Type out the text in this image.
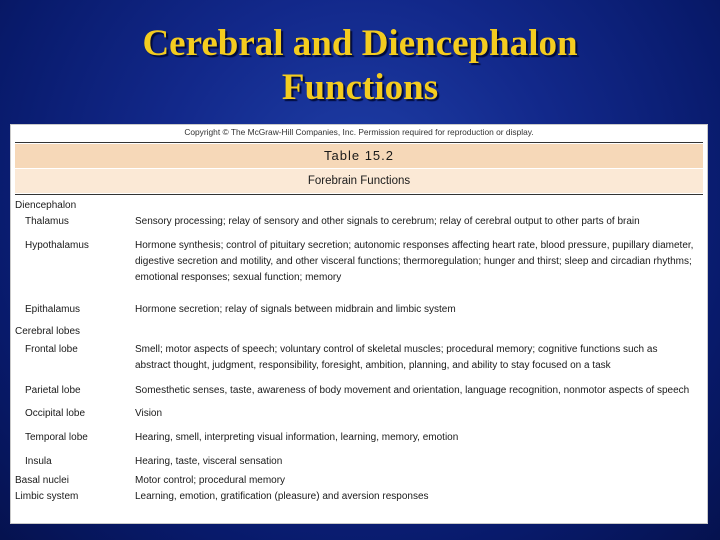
Cerebral and Diencephalon
Functions
Copyright © The McGraw-Hill Companies, Inc. Permission required for reproduction or display.
Table 15.2
Forebrain Functions
Diencephalon
Thalamus	Sensory processing; relay of sensory and other signals to cerebrum; relay of cerebral output to other parts of brain
Hypothalamus	Hormone synthesis; control of pituitary secretion; autonomic responses affecting heart rate, blood pressure, pupillary diameter, digestive secretion and motility, and other visceral functions; thermoregulation; hunger and thirst; sleep and circadian rhythms; emotional responses; sexual function; memory
Epithalamus	Hormone secretion; relay of signals between midbrain and limbic system
Cerebral lobes
Frontal lobe	Smell; motor aspects of speech; voluntary control of skeletal muscles; procedural memory; cognitive functions such as abstract thought, judgment, responsibility, foresight, ambition, planning, and ability to stay focused on a task
Parietal lobe	Somesthetic senses, taste, awareness of body movement and orientation, language recognition, nonmotor aspects of speech
Occipital lobe	Vision
Temporal lobe	Hearing, smell, interpreting visual information, learning, memory, emotion
Insula	Hearing, taste, visceral sensation
Basal nuclei	Motor control; procedural memory
Limbic system	Learning, emotion, gratification (pleasure) and aversion responses
